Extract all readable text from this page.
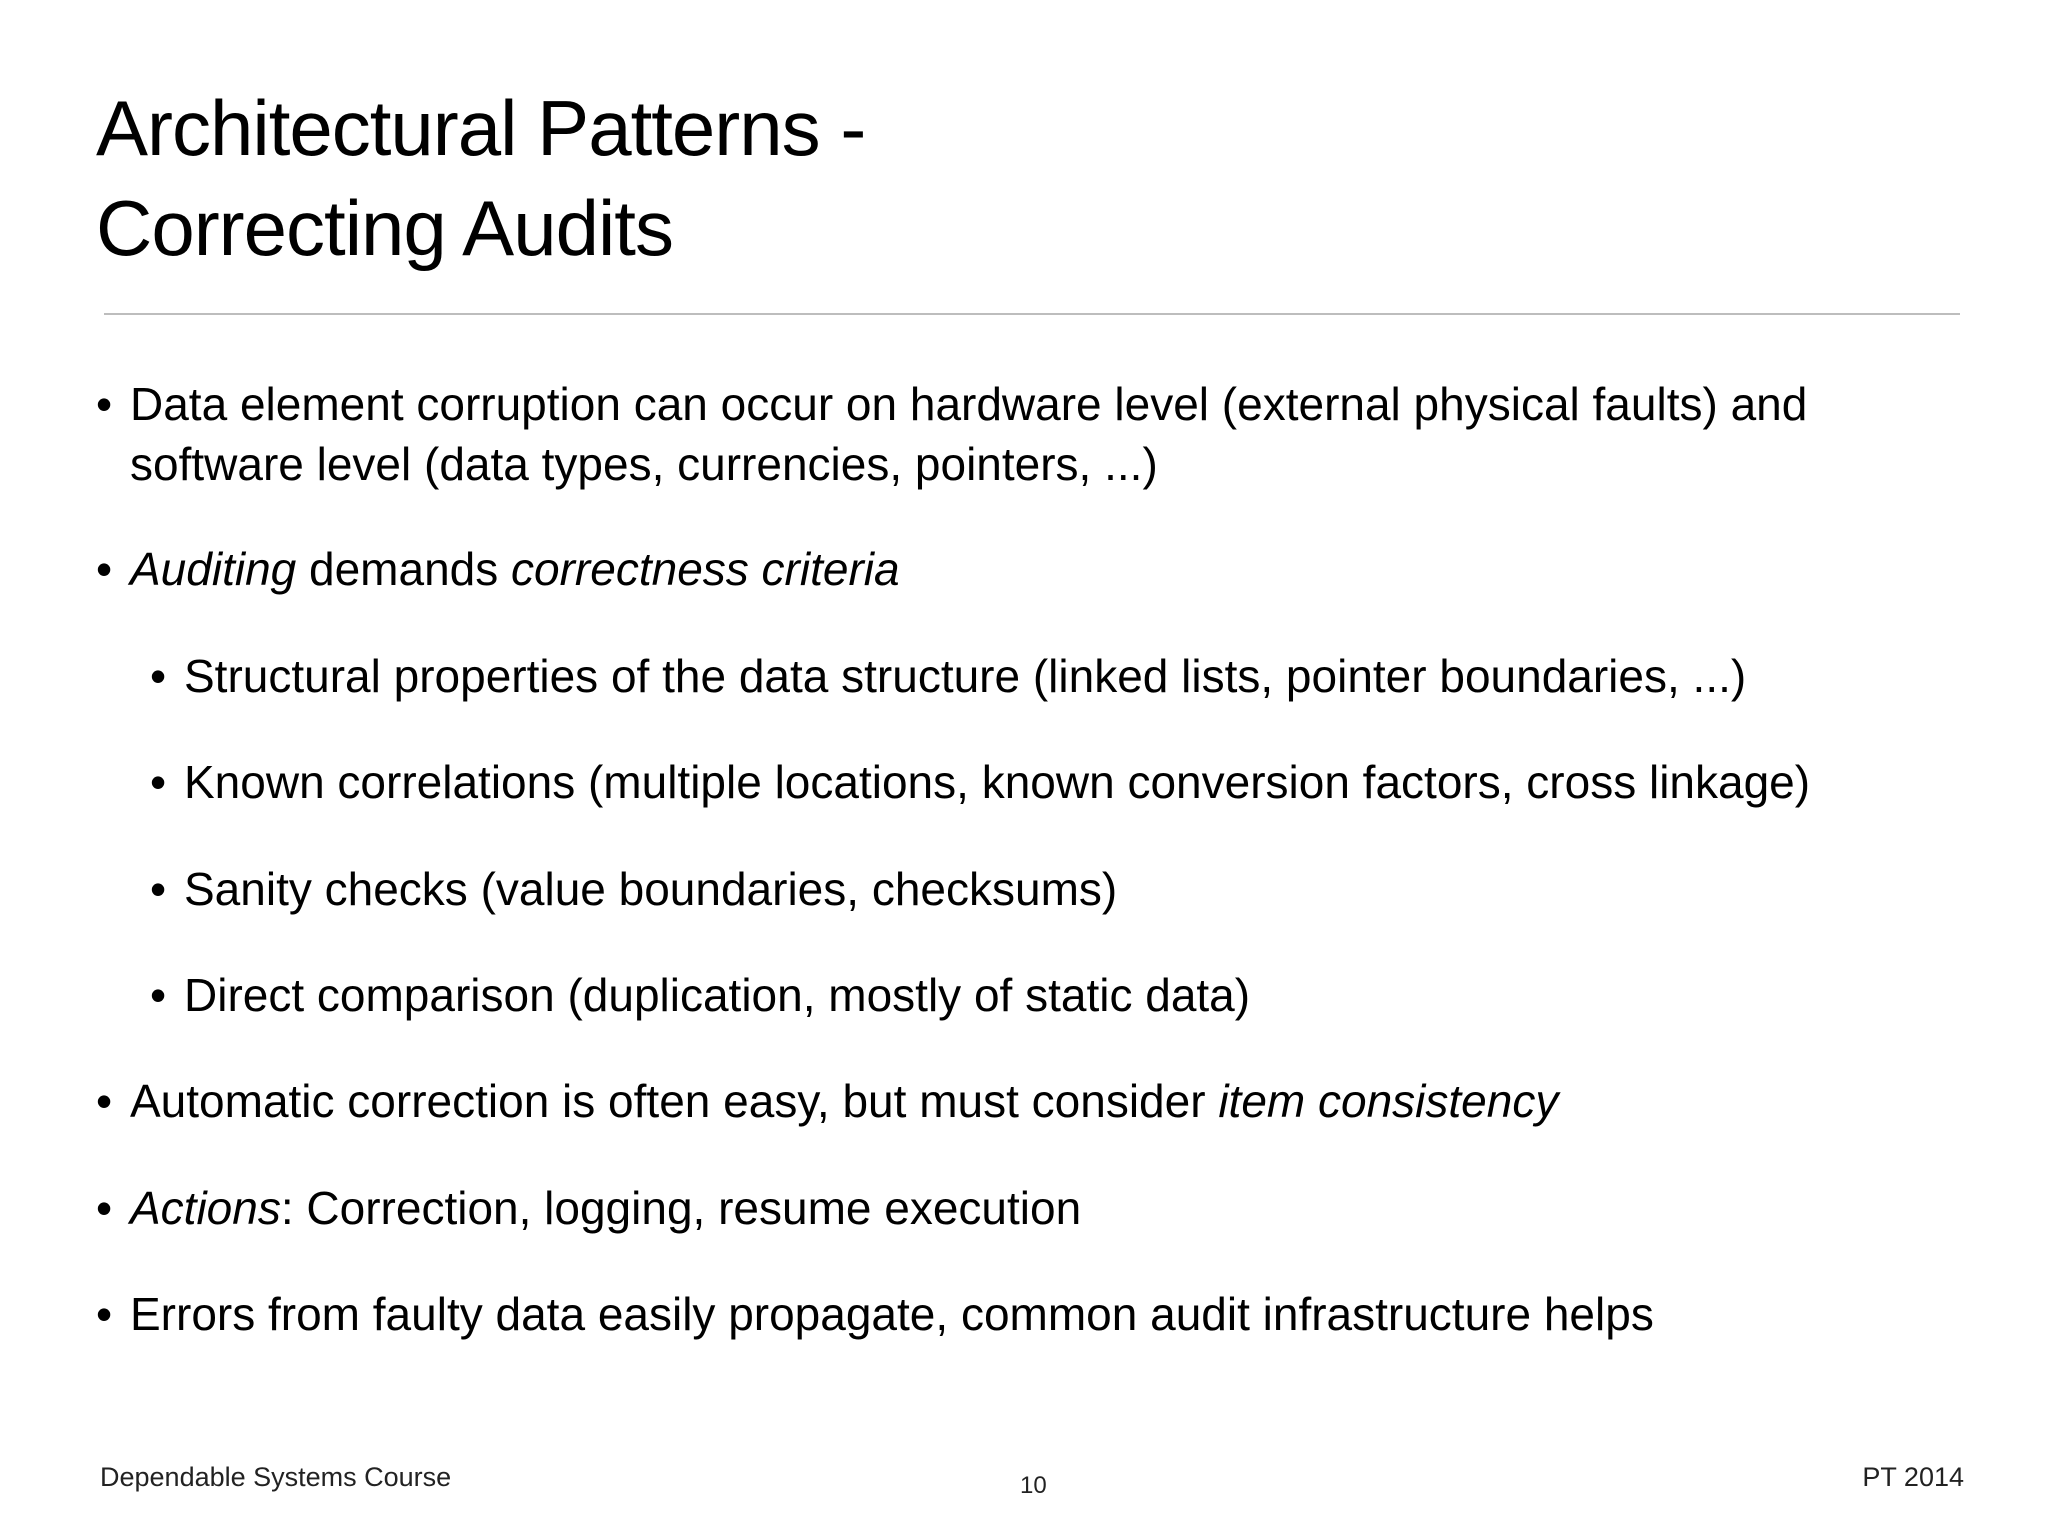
Architectural Patterns -
Correcting Audits
• Data element corruption can occur on hardware level (external physical faults) and
software level (data types, currencies, pointers, ...)
• Auditing demands correctness criteria
• Structural properties of the data structure (linked lists, pointer boundaries, ...)
• Known correlations (multiple locations, known conversion factors, cross linkage)
• Sanity checks (value boundaries, checksums)
• Direct comparison (duplication, mostly of static data)
• Automatic correction is often easy, but must consider item consistency
• Actions: Correction, logging, resume execution
• Errors from faulty data easily propagate, common audit infrastructure helps
Dependable Systems Course	10	PT 2014
